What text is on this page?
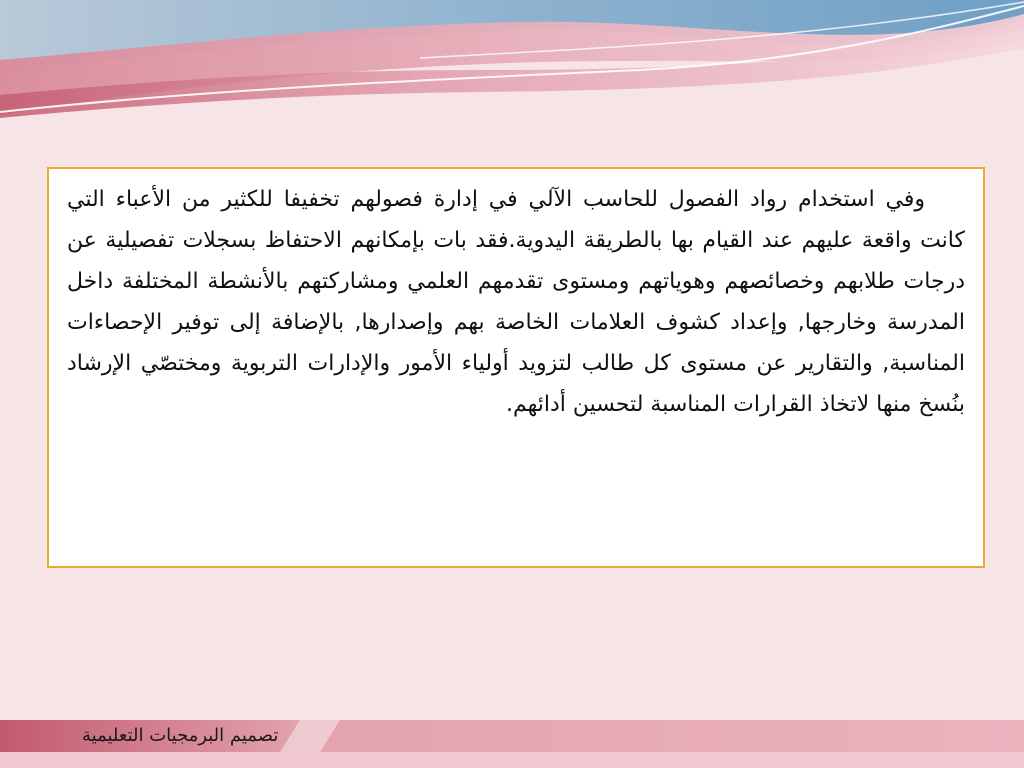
وفي استخدام رواد الفصول للحاسب الآلي في إدارة فصولهم تخفيفا للكثير من الأعباء التي كانت واقعة عليهم عند القيام بها بالطريقة اليدوية.فقد بات بإمكانهم الاحتفاظ بسجلات تفصيلية عن درجات طلابهم وخصائصهم وهوياتهم ومستوى تقدمهم العلمي ومشاركتهم بالأنشطة المختلفة داخل المدرسة وخارجها, وإعداد كشوف العلامات الخاصة بهم وإصدارها, بالإضافة إلى توفير الإحصاءات المناسبة, والتقارير عن مستوى كل طالب لتزويد أولياء الأمور والإدارات التربوية ومختصّي الإرشاد بنُسخ منها لاتخاذ القرارات المناسبة لتحسين أدائهم.

تصميم البرمجيات التعليمية
